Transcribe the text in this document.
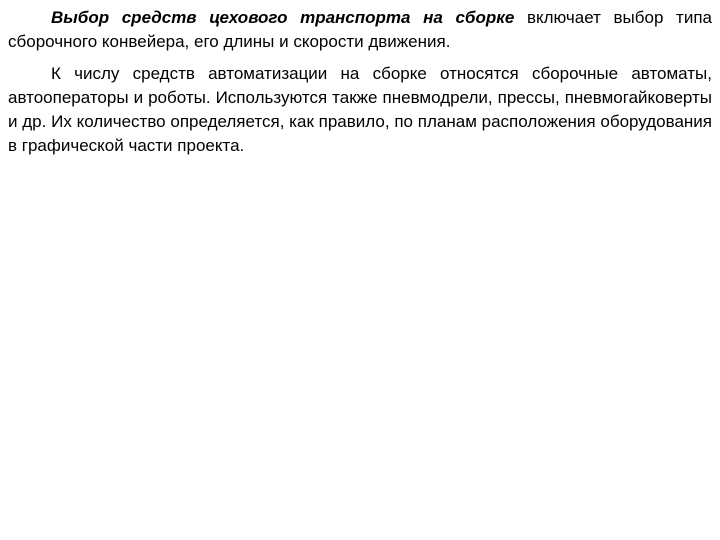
Выбор средств цехового транспорта на сборке включает выбор типа сборочного конвейера, его длины и скорости движения.

К числу средств автоматизации на сборке относятся сборочные автоматы, автооператоры и роботы. Используются также пневмодрели, прессы, пневмогайковерты и др. Их количество определяется, как правило, по планам расположения оборудования в графической части проекта.
